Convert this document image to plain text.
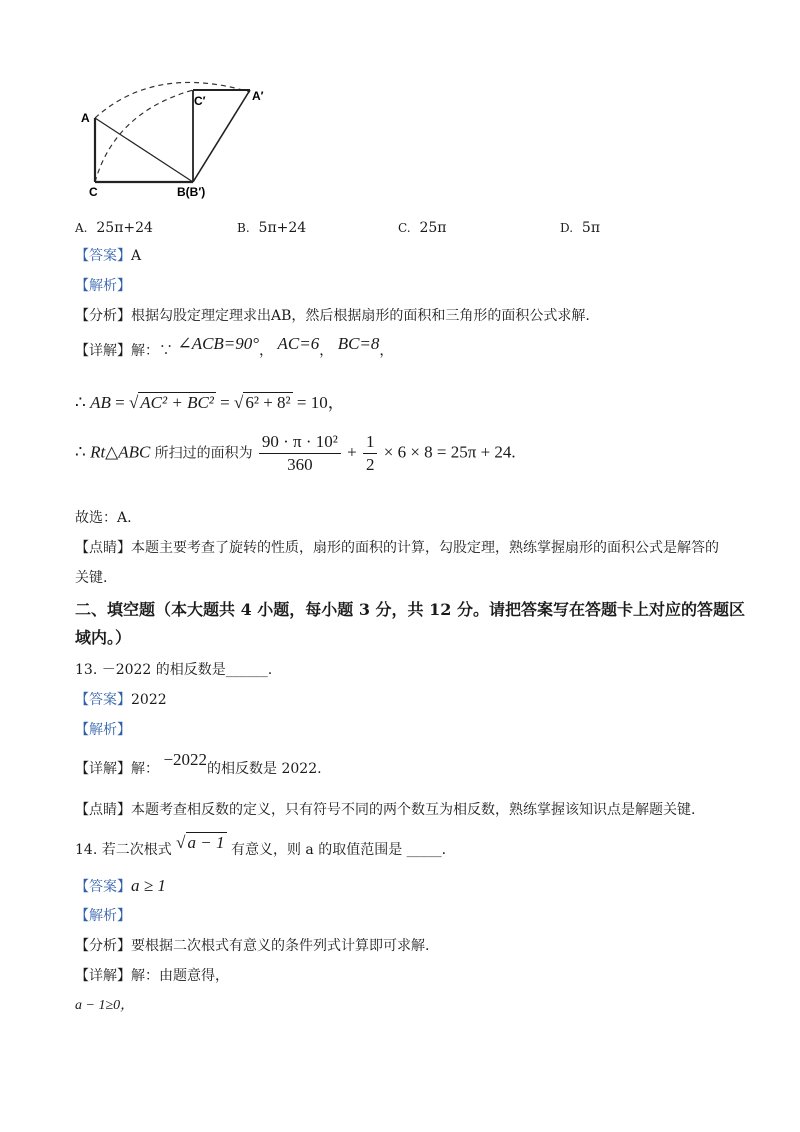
A
C	B(B′)
C′	A′
A. 25π+24	B. 5π+24	C. 25π	D. 5π
【答案】A
【解析】
【分析】根据勾股定理定理求出AB，然后根据扇形的面积和三角形的面积公式求解.
【详解】解：∵ ∠ACB=90°， AC=6， BC=8，
∴ AB = √ AC² + BC² = √ 6² + 8² = 10，
∴ Rt△ABC 所扫过的面积为 $\frac{\text{90 · π · 10²}}{360} + \frac{1}{2} \times 6 \times 8 = 25\pi + 24$.
故选：A.
【点睛】本题主要考查了旋转的性质，扇形的面积的计算，勾股定理，熟练掌握扇形的面积公式是解答的
关键.
二、填空题（本大题共 4 小题，每小题 3 分，共 12 分。请把答案写在答题卡上对应的答题区
域内。）
13. －2022 的相反数是______.
【答案】2022
【解析】
【详解】解： −2022的相反数是 2022.
【点睛】本题考查相反数的定义，只有符号不同的两个数互为相反数，熟练掌握该知识点是解题关键.
14. 若二次根式 √ a − 1 有意义，则 a 的取值范围是 _____.
【答案】a ≥ 1
【解析】
【分析】要根据二次根式有意义的条件列式计算即可求解.
【详解】解：由题意得，
a − 1≥0，
